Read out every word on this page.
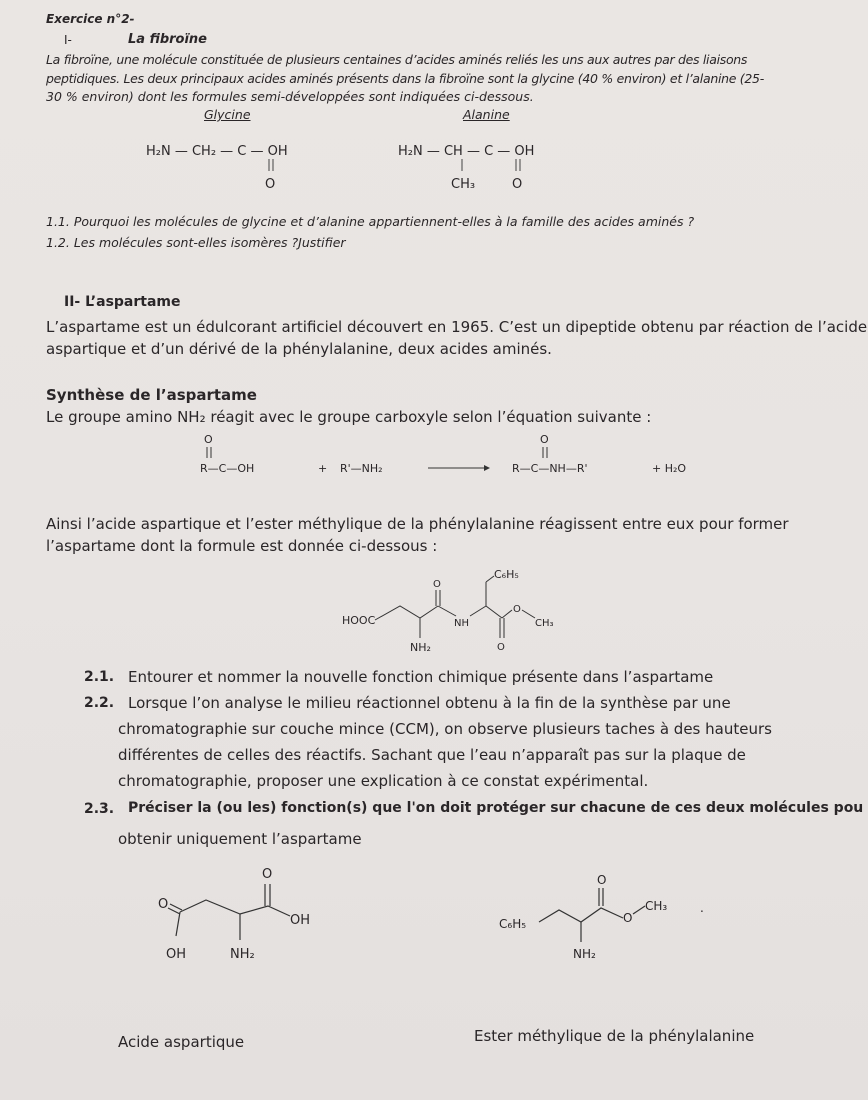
Exercice n°2-
I-	La fibroïne
La fibroïne, une molécule constituée de plusieurs centaines d’acides aminés reliés les uns aux autres par des liaisons
peptidiques. Les deux principaux acides aminés présents dans la fibroïne sont la glycine (40 % environ) et l’alanine (25-
30 % environ) dont les formules semi-développées sont indiquées ci-dessous.
Glycine	Alanine
H₂N — CH₂ — C — OH
O
H₂N — CH — C — OH
CH₃	O
1.1. Pourquoi les molécules de glycine et d’alanine appartiennent-elles à la famille des acides aminés ?
1.2. Les molécules sont-elles isomères ?Justifier
II- L’aspartame
L’aspartame est un édulcorant artificiel découvert en 1965. C’est un dipeptide obtenu par réaction de l’acide
aspartique et d’un dérivé de la phénylalanine, deux acides aminés.
Synthèse de l’aspartame
Le groupe amino NH₂ réagit avec le groupe carboxyle selon l’équation suivante :
O
R—C—OH	+ R'—NH₂
O
R—C—NH—R'	+ H₂O
Ainsi l’acide aspartique et l’ester méthylique de la phénylalanine réagissent entre eux pour former
l’aspartame dont la formule est donnée ci-dessous :
HOOC
NH₂
O
NH
C₆H₅
O
O
CH₃
2.1. Entourer et nommer la nouvelle fonction chimique présente dans l’aspartame
2.2. Lorsque l’on analyse le milieu réactionnel obtenu à la fin de la synthèse par une
chromatographie sur couche mince (CCM), on observe plusieurs taches à des hauteurs
différentes de celles des réactifs. Sachant que l’eau n’apparaît pas sur la plaque de
chromatographie, proposer une explication à ce constat expérimental.
2.3. Préciser la (ou les) fonction(s) que l'on doit protéger sur chacune de ces deux molécules pou
obtenir uniquement l’aspartame
O
O
OH
OH	NH₂
O
C₆H₅	O
CH₃	.
NH₂
Acide aspartique	Ester méthylique de la phénylalanine
